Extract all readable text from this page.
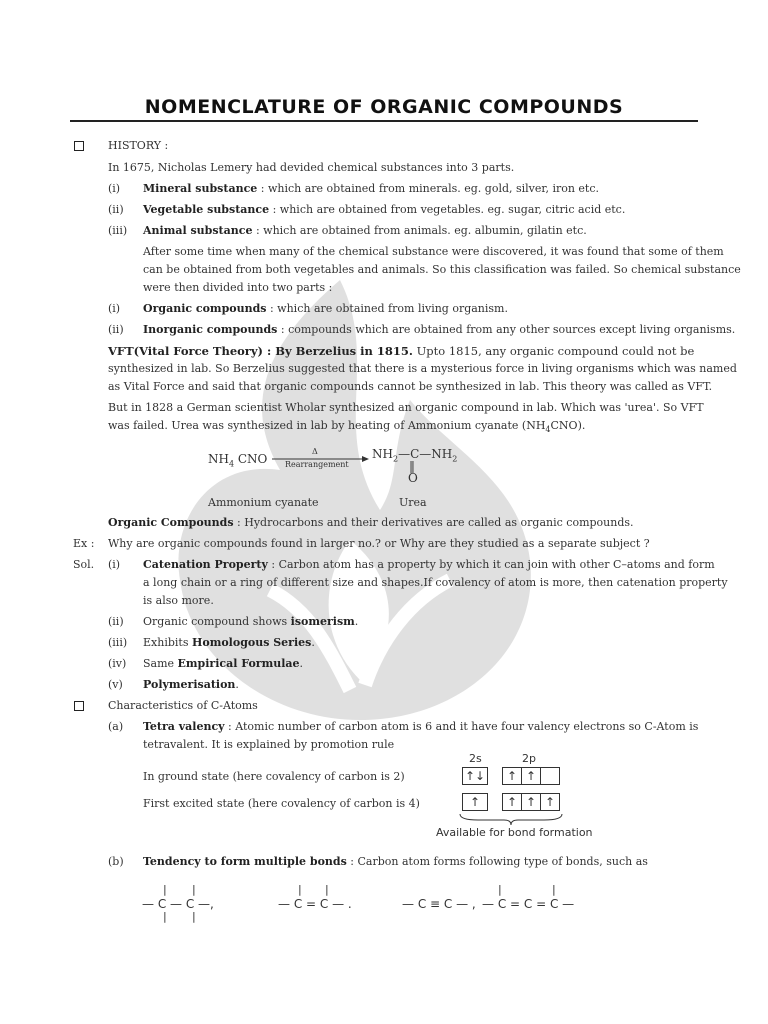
NOMENCLATURE OF ORGANIC COMPOUNDS
HISTORY :
In 1675, Nicholas Lemery had devided chemical substances into 3 parts.
(i) Mineral substance : which are obtained from minerals. eg. gold, silver, iron etc.
(ii) Vegetable substance : which are obtained from vegetables. eg. sugar, citric acid etc.
(iii) Animal substance : which are obtained from animals. eg. albumin, gilatin etc.
After some time when many of the chemical substance were discovered, it was found that some of them
can be obtained from both vegetables and animals. So this classification was failed. So chemical substance
were then divided into two parts :
(i) Organic compounds : which are obtained from living organism.
(ii) Inorganic compounds : compounds which are obtained from any other sources except living organisms.
VFT(Vital Force Theory) : By Berzelius in 1815. Upto 1815, any organic compound could not be
synthesized in lab. So Berzelius suggested that there is a mysterious force in living organisms which was named
as Vital Force and said that organic compounds cannot be synthesized in lab. This theory was called as VFT.
But in 1828 a German scientist Wholar synthesized an organic compound in lab. Which was 'urea'. So VFT
was failed. Urea was synthesized in lab by heating of Ammonium cyanate $(NH_4CNO)$.
$NH_4$ CNO
Δ
Rearrangement
$NH_2—C—NH_2$
‖
O
Ammonium cyanate	Urea
Organic Compounds : Hydrocarbons and their derivatives are called as organic compounds.
Ex : Why are organic compounds found in larger no.? or Why are they studied as a separate subject ?
Sol. (i) Catenation Property : Carbon atom has a property by which it can join with other C–atoms and form
a long chain or a ring of different size and shapes.If covalency of atom is more, then catenation property
is also more.
(ii) Organic compound shows isomerism.
(iii) Exhibits Homologous Series.
(iv) Same Empirical Formulae.
(v) Polymerisation.
Characteristics of C-Atoms
(a) Tetra valency : Atomic number of carbon atom is 6 and it have four valency electrons so C-Atom is
tetravalent. It is explained by promotion rule
2s	2p
In ground state (here covalency of carbon is 2)	↑↓	↑ ↑
First excited state (here covalency of carbon is 4)	↑	↑ ↑ ↑
Available for bond formation
(b) Tendency to form multiple bonds : Carbon atom forms following type of bonds, such as
— C — C —,
| |
| |
— C = C — .
| |
— C ≡ C — , — C = C = C —
|	|
